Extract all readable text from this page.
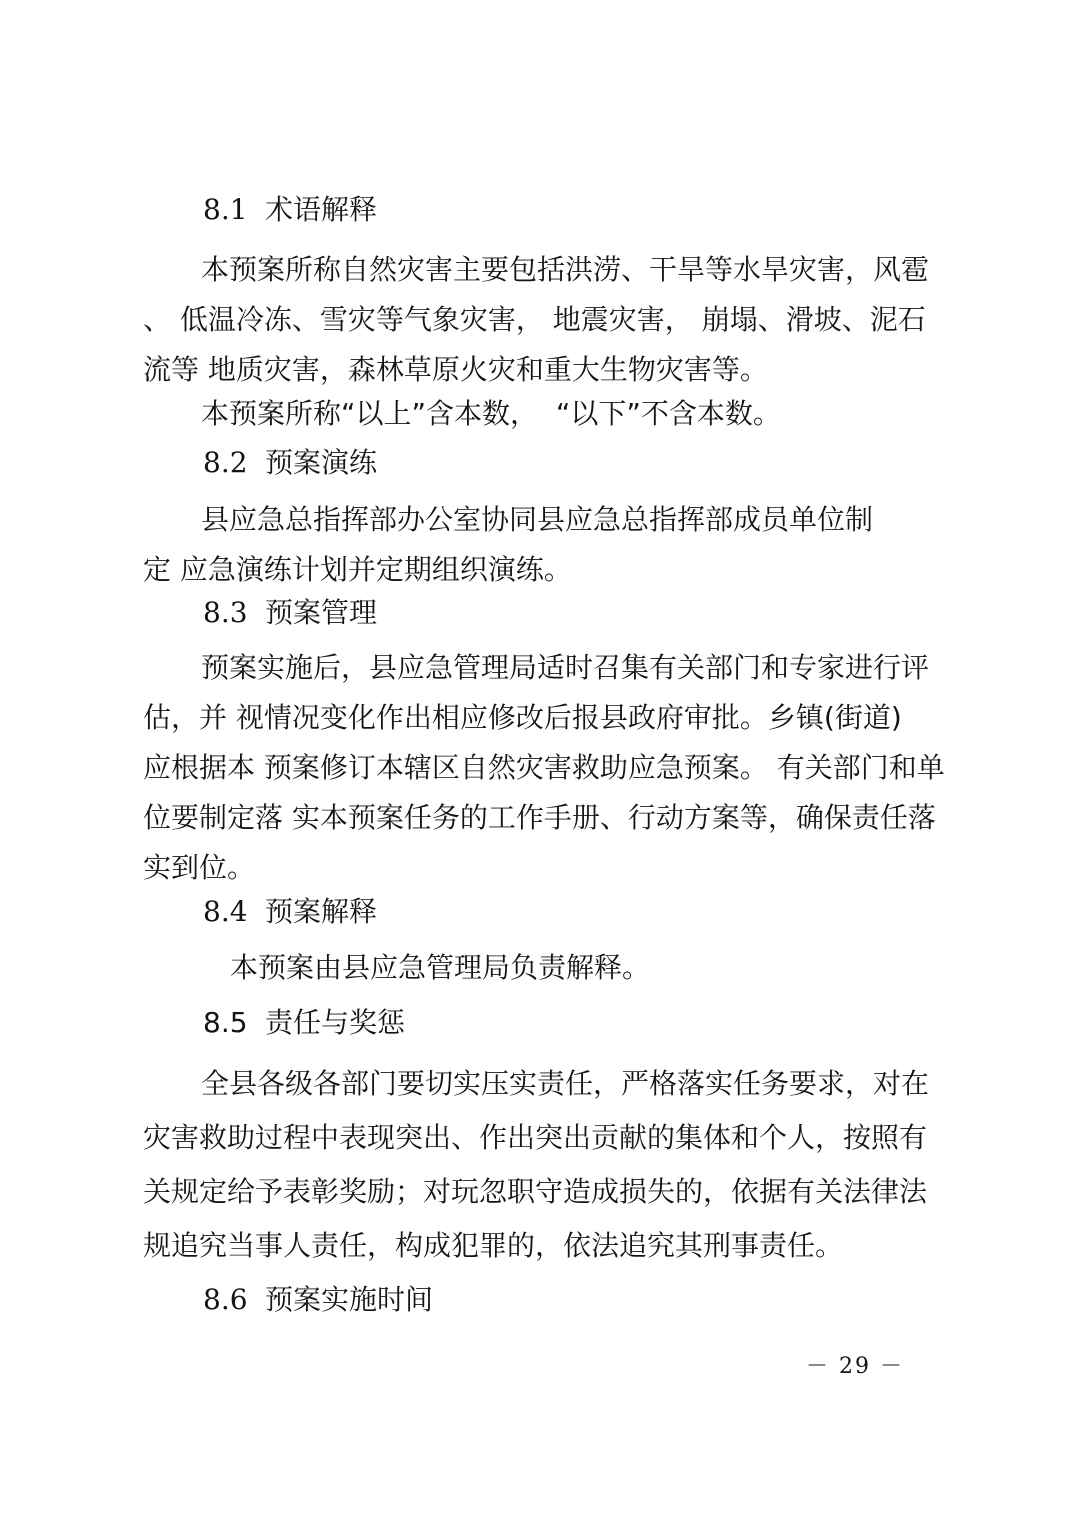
8.1 术语解释
本预案所称自然灾害主要包括洪涝、干旱等水旱灾害，风雹
、 低温冷冻、雪灾等气象灾害， 地震灾害， 崩塌、滑坡、泥石
流等 地质灾害，森林草原火灾和重大生物灾害等。
本预案所称“以上”含本数，  “以下”不含本数。
8.2 预案演练
县应急总指挥部办公室协同县应急总指挥部成员单位制
定 应急演练计划并定期组织演练。
8.3 预案管理
预案实施后，县应急管理局适时召集有关部门和专家进行评
估，并 视情况变化作出相应修改后报县政府审批。乡镇(街道)
应根据本 预案修订本辖区自然灾害救助应急预案。 有关部门和单
位要制定落 实本预案任务的工作手册、行动方案等，确保责任落
实到位。
8.4 预案解释
本预案由县应急管理局负责解释。
8.5 责任与奖惩
全县各级各部门要切实压实责任，严格落实任务要求，对在
灾害救助过程中表现突出、作出突出贡献的集体和个人，按照有
关规定给予表彰奖励；对玩忽职守造成损失的，依据有关法律法
规追究当事人责任，构成犯罪的，依法追究其刑事责任。
8.6 预案实施时间
－ 29 －
